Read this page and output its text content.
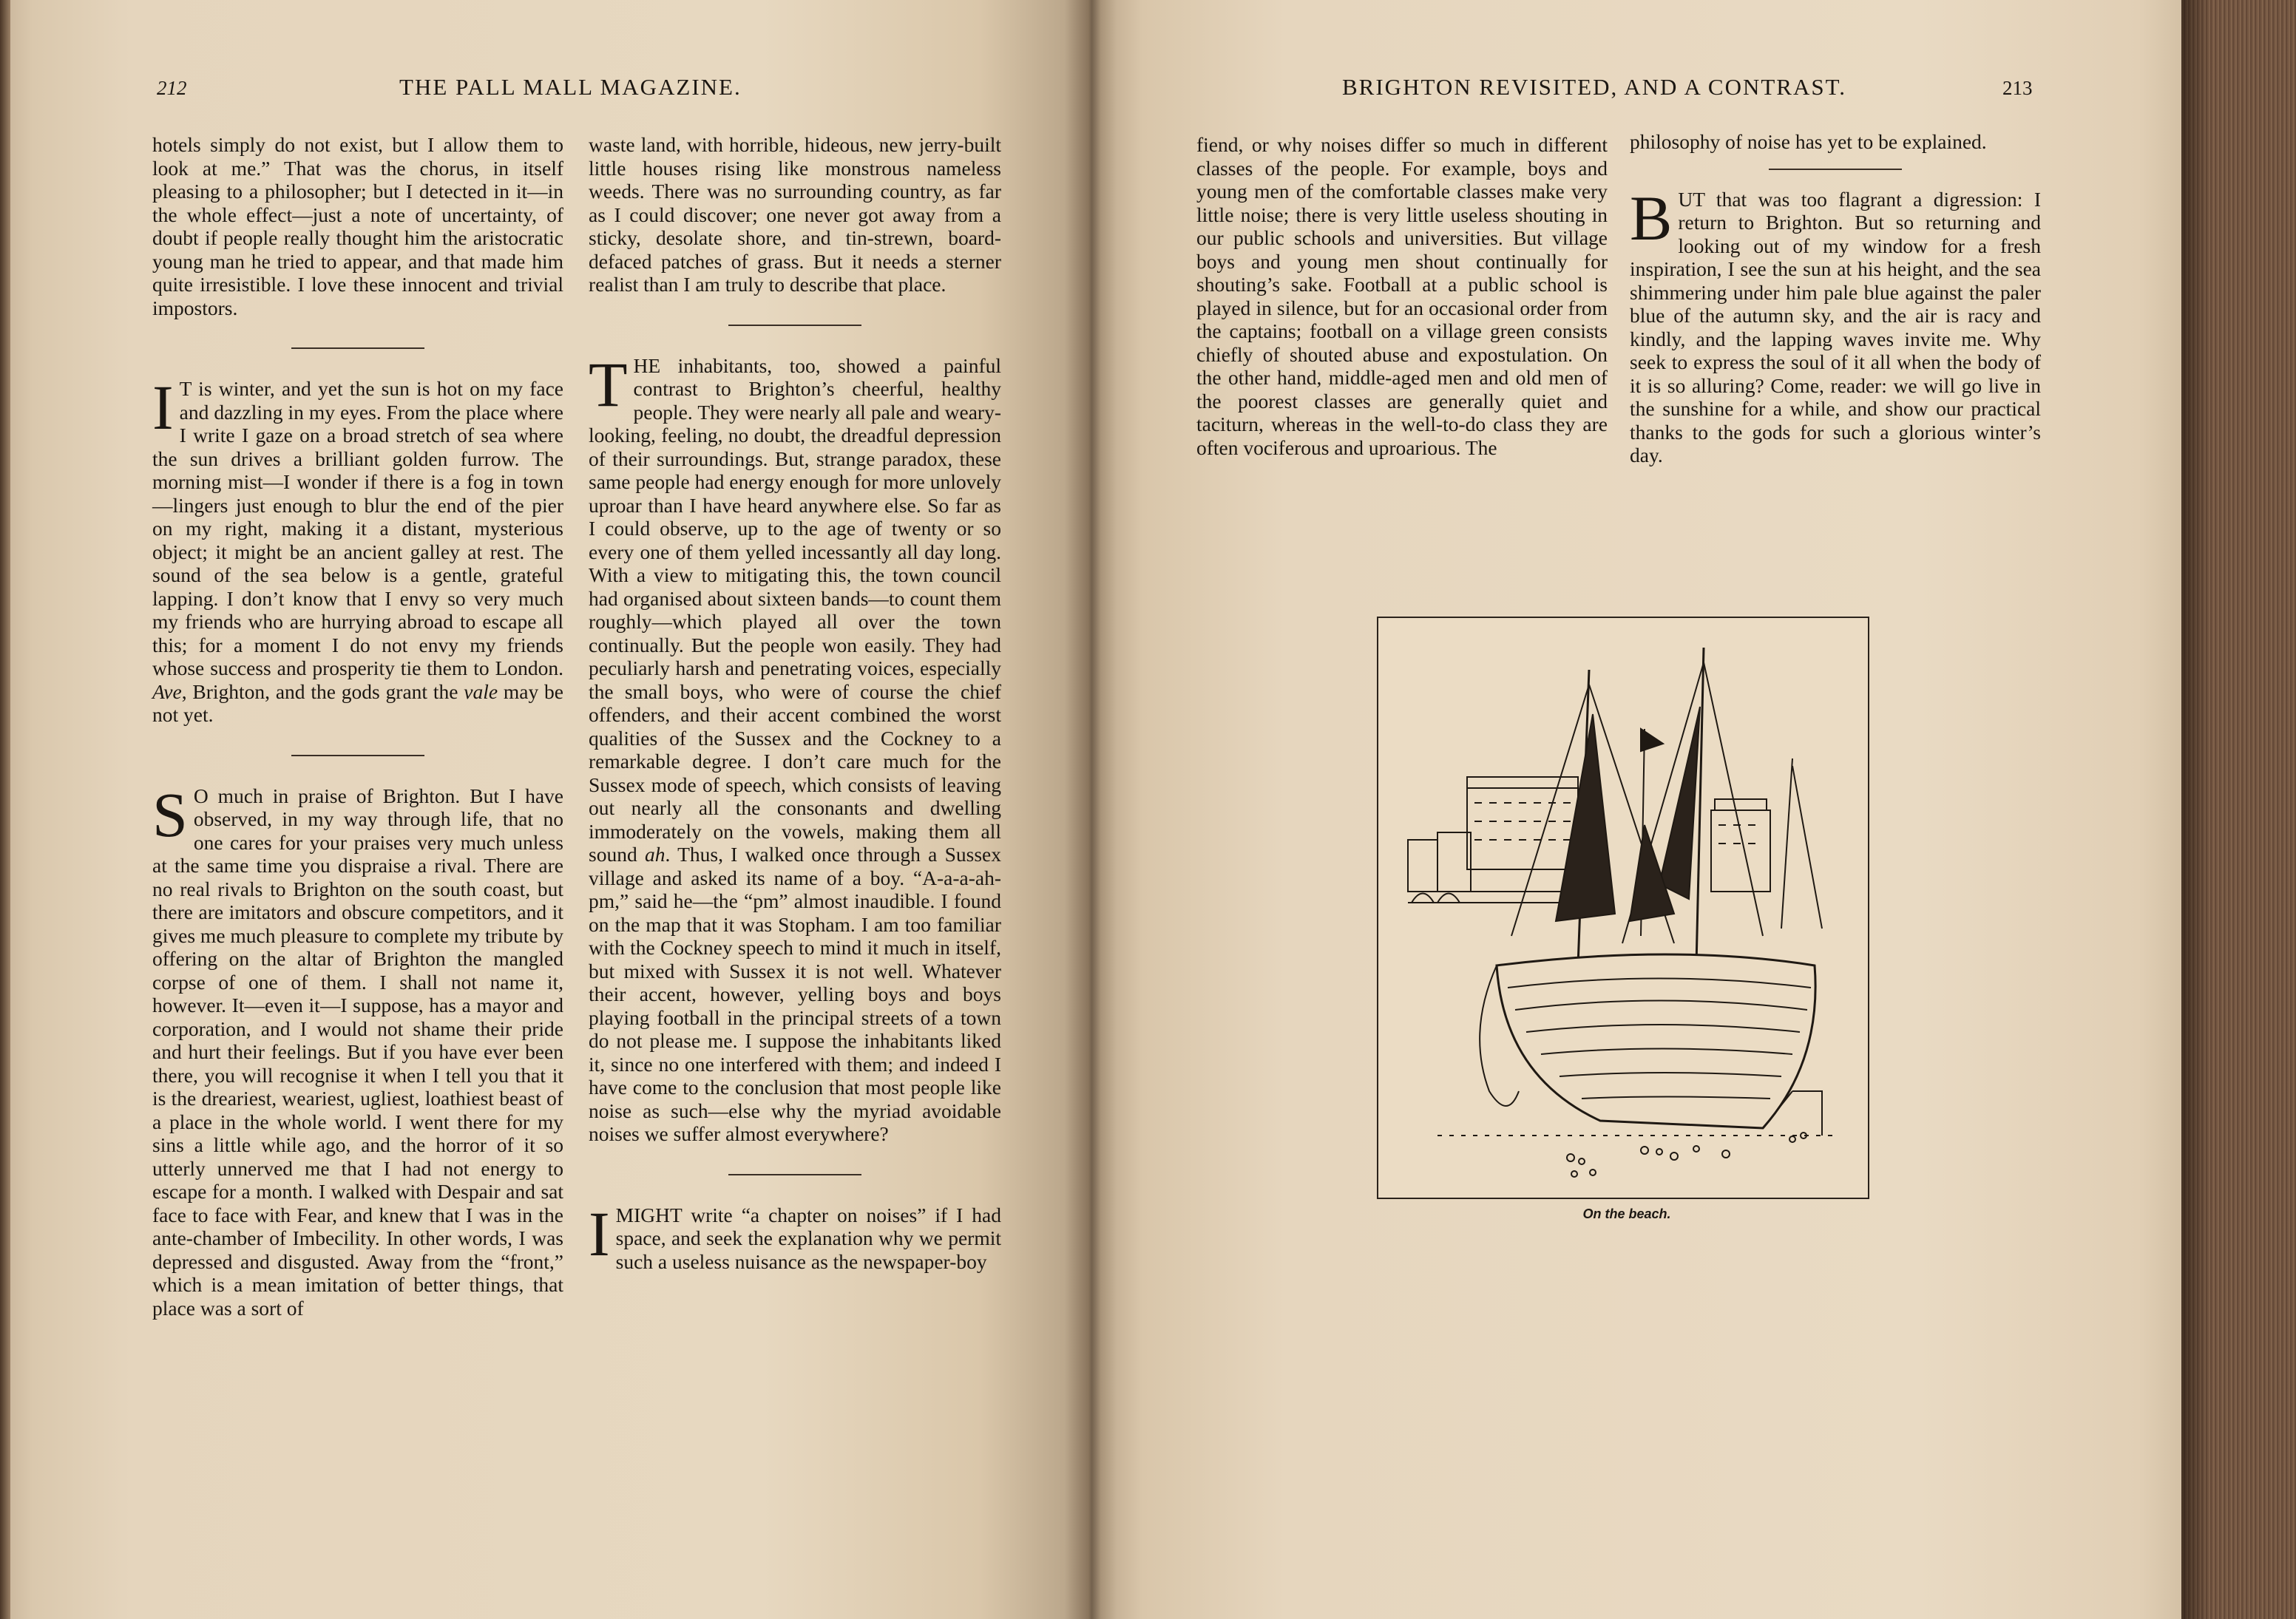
212	THE PALL MALL MAGAZINE.

hotels simply do not exist, but I allow them to look at me.” That was the chorus, in itself pleasing to a philosopher; but I detected in it—in the whole effect—just a note of uncertainty, of doubt if people really thought him the aristocratic young man he tried to appear, and that made him quite irresistible. I love these innocent and trivial impostors.

I T is winter, and yet the sun is hot on my face and dazzling in my eyes. From the place where I write I gaze on a broad stretch of sea where the sun drives a brilliant golden furrow. The morning mist—I wonder if there is a fog in town—lingers just enough to blur the end of the pier on my right, making it a distant, mysterious object; it might be an ancient galley at rest. The sound of the sea below is a gentle, grateful lapping. I don’t know that I envy so very much my friends who are hurrying abroad to escape all this; for a moment I do not envy my friends whose success and prosperity tie them to London. Ave, Brighton, and the gods grant the vale may be not yet.

S O much in praise of Brighton. But I have observed, in my way through life, that no one cares for your praises very much unless at the same time you dispraise a rival. There are no real rivals to Brighton on the south coast, but there are imitators and obscure competitors, and it gives me much pleasure to complete my tribute by offering on the altar of Brighton the mangled corpse of one of them. I shall not name it, however. It—even it—I suppose, has a mayor and corporation, and I would not shame their pride and hurt their feelings. But if you have ever been there, you will recognise it when I tell you that it is the dreariest, weariest, ugliest, loathiest beast of a place in the whole world. I went there for my sins a little while ago, and the horror of it so utterly unnerved me that I had not energy to escape for a month. I walked with Despair and sat face to face with Fear, and knew that I was in the ante-chamber of Imbecility. In other words, I was depressed and disgusted. Away from the “front,” which is a mean imitation of better things, that place was a sort of

waste land, with horrible, hideous, new jerry-built little houses rising like monstrous nameless weeds. There was no surrounding country, as far as I could discover; one never got away from a sticky, desolate shore, and tin-strewn, board-defaced patches of grass. But it needs a sterner realist than I am truly to describe that place.

THE inhabitants, too, showed a painful contrast to Brighton’s cheerful, healthy people. They were nearly all pale and weary-looking, feeling, no doubt, the dreadful depression of their surroundings. But, strange paradox, these same people had energy enough for more unlovely uproar than I have heard anywhere else. So far as I could observe, up to the age of twenty or so every one of them yelled incessantly all day long. With a view to mitigating this, the town council had organised about sixteen bands—to count them roughly—which played all over the town continually. But the people won easily. They had peculiarly harsh and penetrating voices, especially the small boys, who were of course the chief offenders, and their accent combined the worst qualities of the Sussex and the Cockney to a remarkable degree. I don’t care much for the Sussex mode of speech, which consists of leaving out nearly all the consonants and dwelling immoderately on the vowels, making them all sound ah. Thus, I walked once through a Sussex village and asked its name of a boy. “A-a-a-ah-pm,” said he—the “pm” almost inaudible. I found on the map that it was Stopham. I am too familiar with the Cockney speech to mind it much in itself, but mixed with Sussex it is not well. Whatever their accent, however, yelling boys and boys playing football in the principal streets of a town do not please me. I suppose the inhabitants liked it, since no one interfered with them; and indeed I have come to the conclusion that most people like noise as such—else why the myriad avoidable noises we suffer almost everywhere?

IMIGHT write “a chapter on noises” if I had space, and seek the explanation why we permit such a useless nuisance as the newspaper-boy

BRIGHTON REVISITED, AND A CONTRAST.	213

fiend, or why noises differ so much in different classes of the people. For example, boys and young men of the comfortable classes make very little noise; there is very little useless shouting in our public schools and universities. But village boys and young men shout continually for shouting’s sake. Football at a public school is played in silence, but for an occasional order from the captains; football on a village green consists chiefly of shouted abuse and expostulation. On the other hand, middle-aged men and old men of the poorest classes are generally quiet and taciturn, whereas in the well-to-do class they are often vociferous and uproarious. The

philosophy of noise has yet to be explained.

BUT that was too flagrant a digression: I return to Brighton. But so returning and looking out of my window for a fresh inspiration, I see the sun at his height, and the sea shimmering under him pale blue against the paler blue of the autumn sky, and the air is racy and kindly, and the lapping waves invite me. Why seek to express the soul of it all when the body of it is so alluring? Come, reader: we will go live in the sunshine for a while, and show our practical thanks to the gods for such a glorious winter’s day.

On the beach.
